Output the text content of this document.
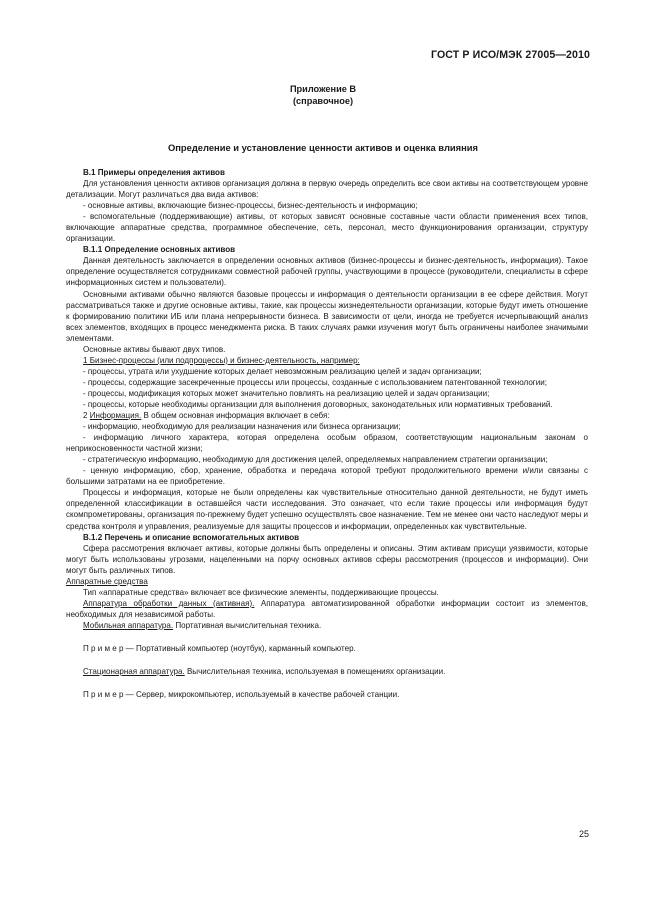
ГОСТ Р ИСО/МЭК 27005—2010
Приложение В
(справочное)
Определение и установление ценности активов и оценка влияния

В.1 Примеры определения активов

Для установления ценности активов организация должна в первую очередь определить все свои активы на соответствующем уровне детализации. Могут различаться два вида активов:

- основные активы, включающие бизнес-процессы, бизнес-деятельность и информацию;

- вспомогательные (поддерживающие) активы, от которых зависят основные составные части области применения всех типов, включающие аппаратные средства, программное обеспечение, сеть, персонал, место функционирования организации, структуру организации.

В.1.1 Определение основных активов

Данная деятельность заключается в определении основных активов (бизнес-процессы и бизнес-деятельность, информация). Такое определение осуществляется сотрудниками совместной рабочей группы, участвующими в процессе (руководители, специалисты в сфере информационных систем и пользователи).

Основными активами обычно являются базовые процессы и информация о деятельности организации в ее сфере действия. Могут рассматриваться также и другие основные активы, такие, как процессы жизнедеятельности организации, которые будут иметь отношение к формированию политики ИБ или плана непрерывности бизнеса. В зависимости от цели, иногда не требуется исчерпывающий анализ всех элементов, входящих в процесс менеджмента риска. В таких случаях рамки изучения могут быть ограничены наиболее значимыми элементами.

Основные активы бывают двух типов.

1 Бизнес-процессы (или подпроцессы) и бизнес-деятельность, например:

- процессы, утрата или ухудшение которых делает невозможным реализацию целей и задач организации;

- процессы, содержащие засекреченные процессы или процессы, созданные с использованием патентованной технологии;

- процессы, модификация которых может значительно повлиять на реализацию целей и задач организации;

- процессы, которые необходимы организации для выполнения договорных, законодательных или нормативных требований.

2 Информация. В общем основная информация включает в себя:

- информацию, необходимую для реализации назначения или бизнеса организации;

- информацию личного характера, которая определена особым образом, соответствующим национальным законам о неприкосновенности частной жизни;

- стратегическую информацию, необходимую для достижения целей, определяемых направлением стратегии организации;

- ценную информацию, сбор, хранение, обработка и передача которой требуют продолжительного времени и/или связаны с большими затратами на ее приобретение.

Процессы и информация, которые не были определены как чувствительные относительно данной деятельности, не будут иметь определенной классификации в оставшейся части исследования. Это означает, что если такие процессы или информация будут скомпрометированы, организация по-прежнему будет успешно осуществлять свое назначение. Тем не менее они часто наследуют меры и средства контроля и управления, реализуемые для защиты процессов и информации, определенных как чувствительные.

В.1.2 Перечень и описание вспомогательных активов

Сфера рассмотрения включает активы, которые должны быть определены и описаны. Этим активам присущи уязвимости, которые могут быть использованы угрозами, нацеленными на порчу основных активов сферы рассмотрения (процессов и информации). Они могут быть различных типов.

Аппаратные средства

Тип «аппаратные средства» включает все физические элементы, поддерживающие процессы.

Аппаратура обработки данных (активная). Аппаратура автоматизированной обработки информации состоит из элементов, необходимых для независимой работы.

Мобильная аппаратура. Портативная вычислительная техника.

П р и м е р — Портативный компьютер (ноутбук), карманный компьютер.

Стационарная аппаратура. Вычислительная техника, используемая в помещениях организации.

П р и м е р — Сервер, микрокомпьютер, используемый в качестве рабочей станции.

25
